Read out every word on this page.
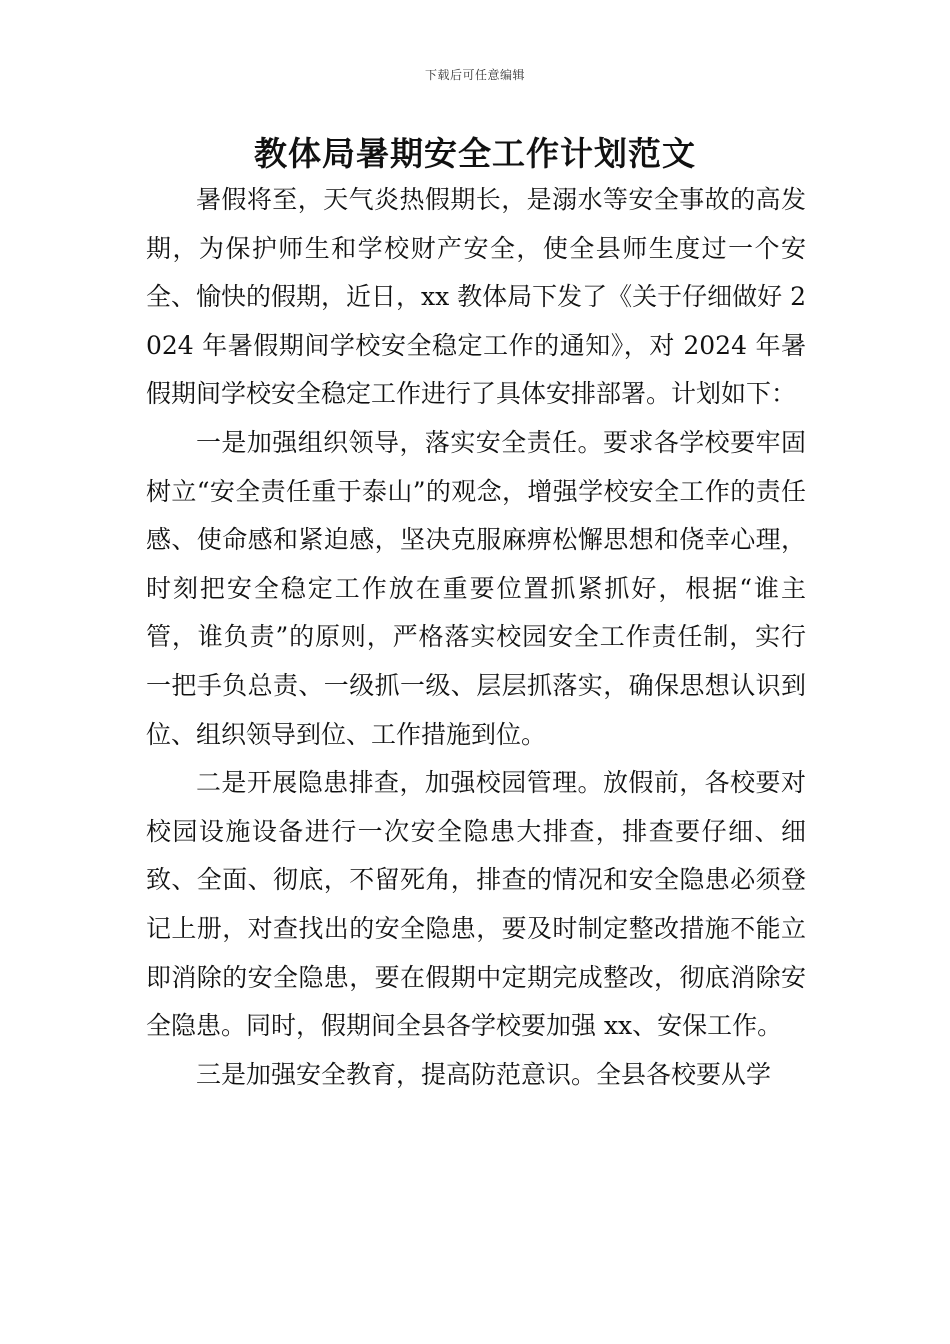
下载后可任意编辑
教体局暑期安全工作计划范文

暑假将至，天气炎热假期长，是溺水等安全事故的高发期，为保护师生和学校财产安全，使全县师生度过一个安全、愉快的假期，近日，xx 教体局下发了《关于仔细做好 2024 年暑假期间学校安全稳定工作的通知》，对 2024 年暑假期间学校安全稳定工作进行了具体安排部署。计划如下：

一是加强组织领导，落实安全责任。要求各学校要牢固树立“安全责任重于泰山”的观念，增强学校安全工作的责任感、使命感和紧迫感，坚决克服麻痹松懈思想和侥幸心理，时刻把安全稳定工作放在重要位置抓紧抓好，根据“谁主管，谁负责”的原则，严格落实校园安全工作责任制，实行一把手负总责、一级抓一级、层层抓落实，确保思想认识到位、组织领导到位、工作措施到位。

二是开展隐患排查，加强校园管理。放假前，各校要对校园设施设备进行一次安全隐患大排查，排查要仔细、细致、全面、彻底，不留死角，排查的情况和安全隐患必须登记上册，对查找出的安全隐患，要及时制定整改措施不能立即消除的安全隐患，要在假期中定期完成整改，彻底消除安全隐患。同时，假期间全县各学校要加强 xx、安保工作。

三是加强安全教育，提高防范意识。全县各校要从学
